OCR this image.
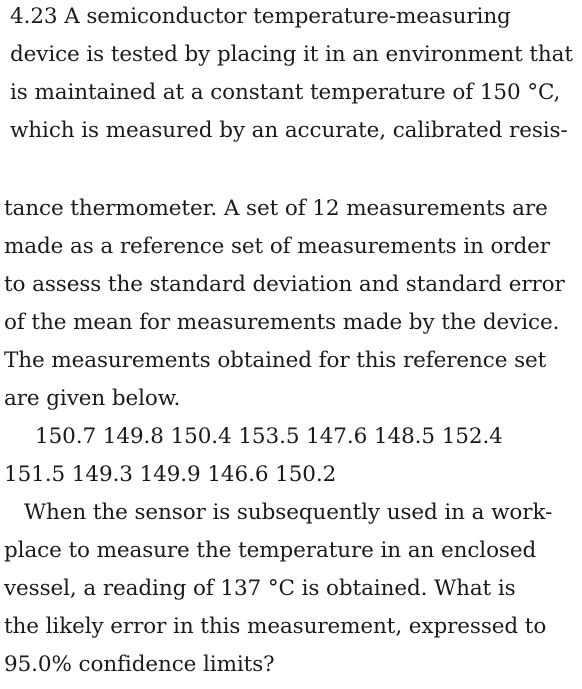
4.23 A semiconductor temperature-measuring
device is tested by placing it in an environment that
is maintained at a constant temperature of 150 °C,
which is measured by an accurate, calibrated resis-
tance thermometer. A set of 12 measurements are
made as a reference set of measurements in order
to assess the standard deviation and standard error
of the mean for measurements made by the device.
The measurements obtained for this reference set
are given below.
150.7 149.8 150.4 153.5 147.6 148.5 152.4
151.5 149.3 149.9 146.6 150.2
When the sensor is subsequently used in a work-
place to measure the temperature in an enclosed
vessel, a reading of 137 °C is obtained. What is
the likely error in this measurement, expressed to
95.0% confidence limits?
